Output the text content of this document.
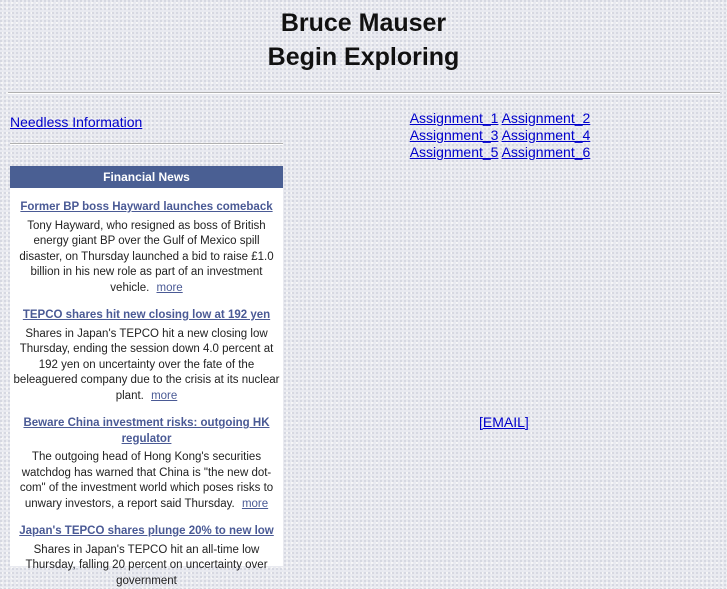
Bruce Mauser
Begin Exploring
Needless Information	Assignment_1 Assignment_2
Assignment_3 Assignment_4
Assignment_5 Assignment_6
[EMAIL]
Financial News
Former BP boss Hayward launches comeback
Tony Hayward, who resigned as boss of British energy giant BP over the Gulf of Mexico spill disaster, on Thursday launched a bid to raise £1.0 billion in his new role as part of an investment vehicle. more
TEPCO shares hit new closing low at 192 yen
Shares in Japan's TEPCO hit a new closing low Thursday, ending the session down 4.0 percent at 192 yen on uncertainty over the fate of the beleaguered company due to the crisis at its nuclear plant. more
Beware China investment risks: outgoing HK regulator
The outgoing head of Hong Kong's securities watchdog has warned that China is "the new dot-com" of the investment world which poses risks to unwary investors, a report said Thursday. more
Japan's TEPCO shares plunge 20% to new low
Shares in Japan's TEPCO hit an all-time low Thursday, falling 20 percent on uncertainty over government
